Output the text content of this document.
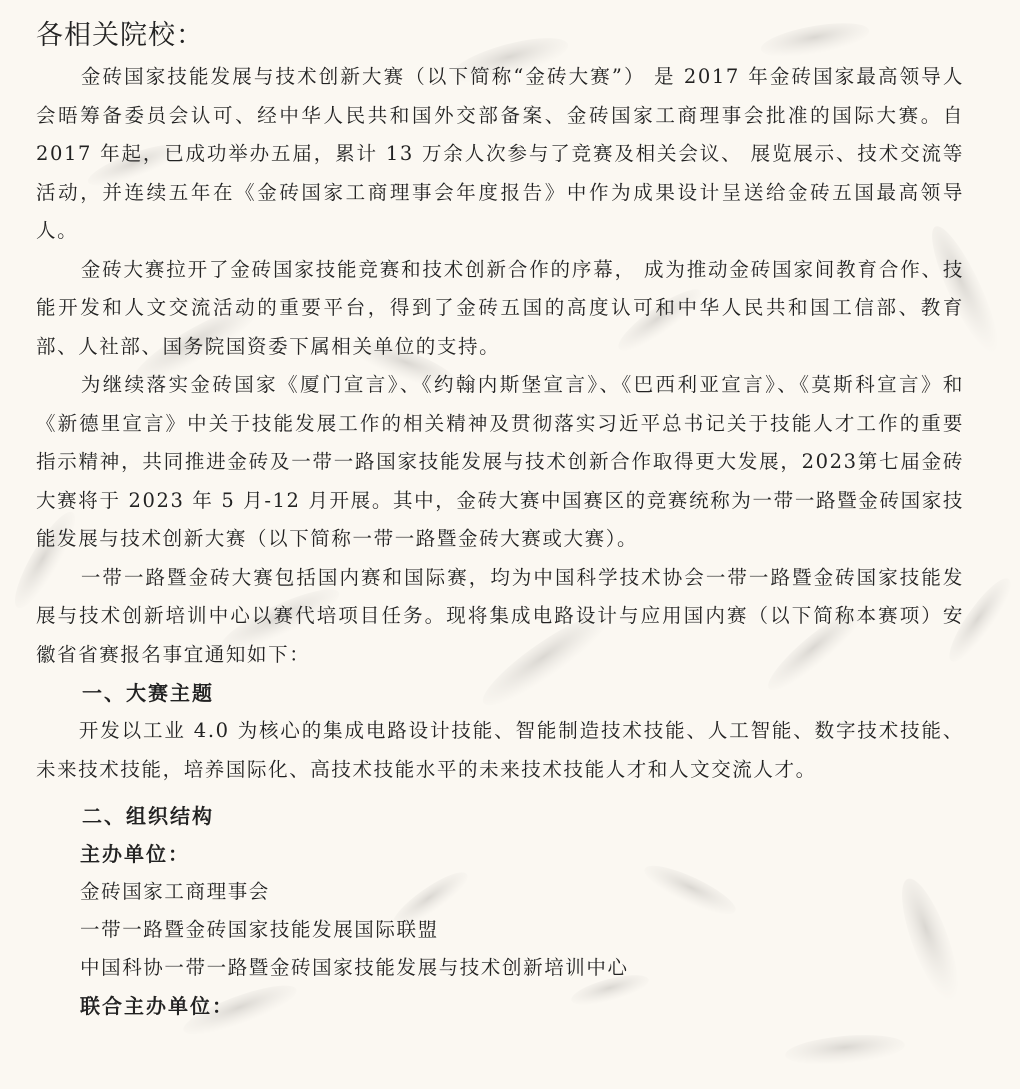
各相关院校：

金砖国家技能发展与技术创新大赛（以下简称“金砖大赛”） 是 2017 年金砖国家最高领导人会晤筹备委员会认可、经中华人民共和国外交部备案、金砖国家工商理事会批准的国际大赛。自 2017 年起，已成功举办五届，累计 13 万余人次参与了竞赛及相关会议、 展览展示、技术交流等活动，并连续五年在《金砖国家工商理事会年度报告》中作为成果设计呈送给金砖五国最高领导人。

金砖大赛拉开了金砖国家技能竞赛和技术创新合作的序幕， 成为推动金砖国家间教育合作、技能开发和人文交流活动的重要平台，得到了金砖五国的高度认可和中华人民共和国工信部、教育部、人社部、国务院国资委下属相关单位的支持。

为继续落实金砖国家《厦门宣言》、《约翰内斯堡宣言》、《巴西利亚宣言》、《莫斯科宣言》和《新德里宣言》中关于技能发展工作的相关精神及贯彻落实习近平总书记关于技能人才工作的重要指示精神，共同推进金砖及一带一路国家技能发展与技术创新合作取得更大发展，2023第七届金砖大赛将于 2023 年 5 月-12 月开展。其中，金砖大赛中国赛区的竞赛统称为一带一路暨金砖国家技能发展与技术创新大赛（以下简称一带一路暨金砖大赛或大赛）。

一带一路暨金砖大赛包括国内赛和国际赛，均为中国科学技术协会一带一路暨金砖国家技能发展与技术创新培训中心以赛代培项目任务。现将集成电路设计与应用国内赛（以下简称本赛项）安徽省省赛报名事宜通知如下：

一、大赛主题

开发以工业 4.0 为核心的集成电路设计技能、智能制造技术技能、人工智能、数字技术技能、未来技术技能，培养国际化、高技术技能水平的未来技术技能人才和人文交流人才。

二、组织结构

主办单位：

金砖国家工商理事会

一带一路暨金砖国家技能发展国际联盟

中国科协一带一路暨金砖国家技能发展与技术创新培训中心

联合主办单位：
